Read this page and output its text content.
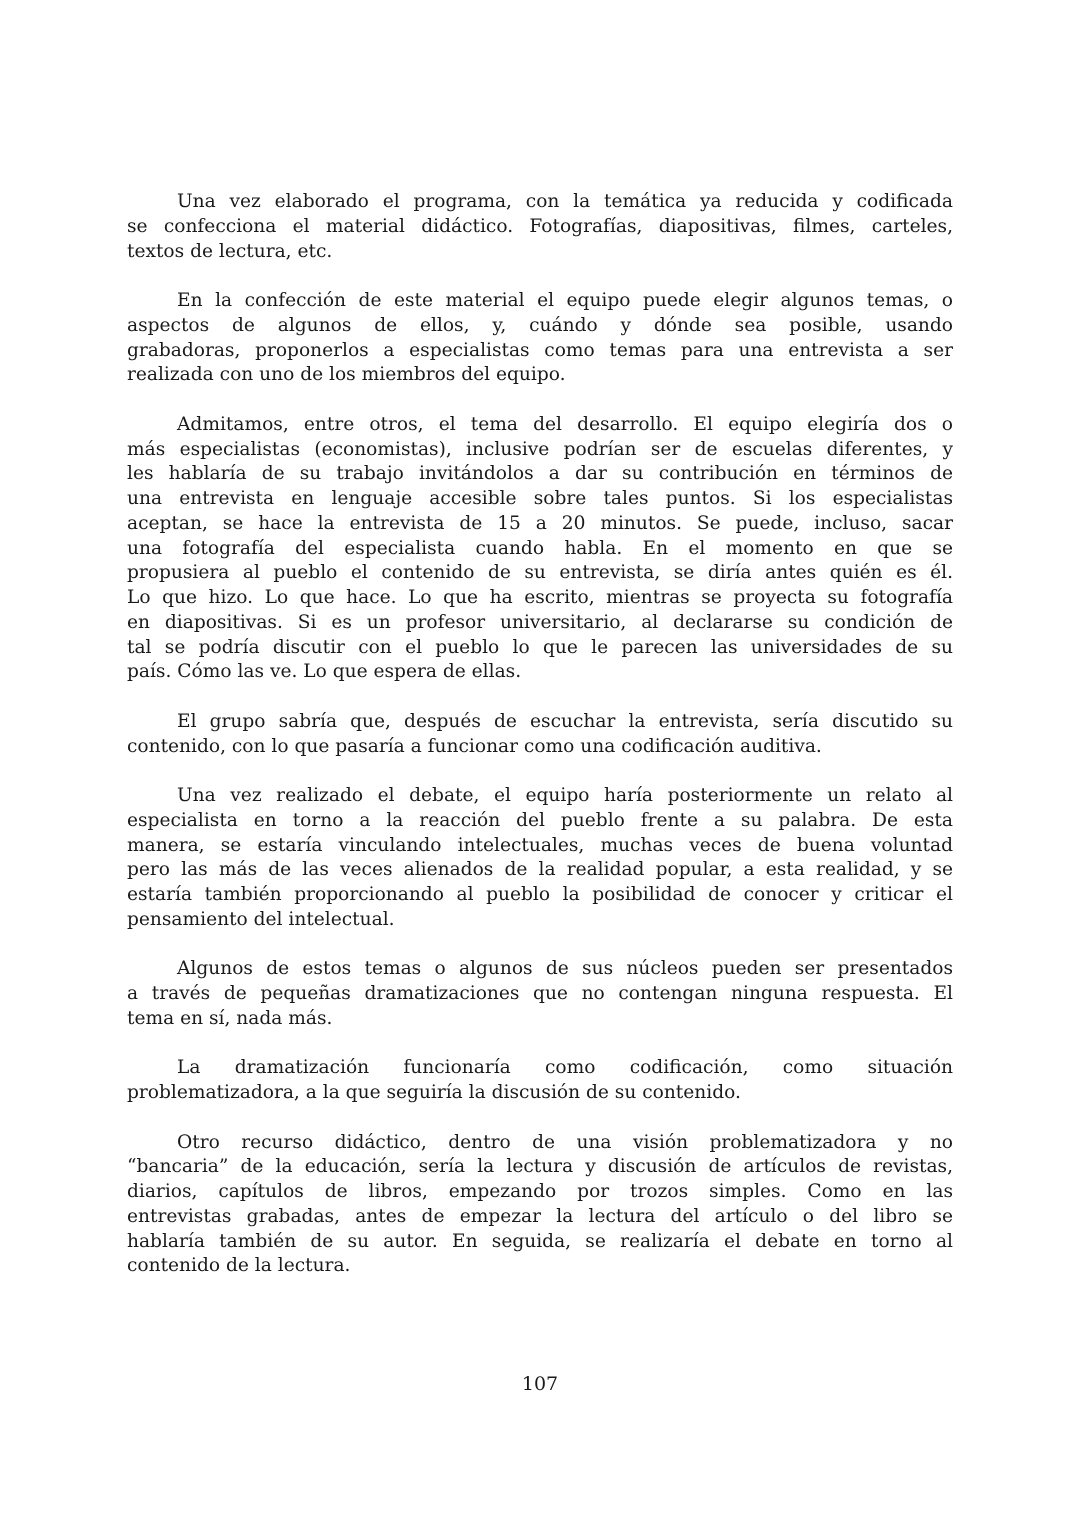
Una vez elaborado el programa, con la temática ya reducida y codificada
se confecciona el material didáctico. Fotografías, diapositivas, filmes, carteles,
textos de lectura, etc.
En la confección de este material el equipo puede elegir algunos temas, o
aspectos de algunos de ellos, y, cuándo y dónde sea posible, usando
grabadoras, proponerlos a especialistas como temas para una entrevista a ser
realizada con uno de los miembros del equipo.
Admitamos, entre otros, el tema del desarrollo. El equipo elegiría dos o
más especialistas (economistas), inclusive podrían ser de escuelas diferentes, y
les hablaría de su trabajo invitándolos a dar su contribución en términos de
una entrevista en lenguaje accesible sobre tales puntos. Si los especialistas
aceptan, se hace la entrevista de 15 a 20 minutos. Se puede, incluso, sacar
una fotografía del especialista cuando habla. En el momento en que se
propusiera al pueblo el contenido de su entrevista, se diría antes quién es él.
Lo que hizo. Lo que hace. Lo que ha escrito, mientras se proyecta su fotografía
en diapositivas. Si es un profesor universitario, al declararse su condición de
tal se podría discutir con el pueblo lo que le parecen las universidades de su
país. Cómo las ve. Lo que espera de ellas.
El grupo sabría que, después de escuchar la entrevista, sería discutido su
contenido, con lo que pasaría a funcionar como una codificación auditiva.
Una vez realizado el debate, el equipo haría posteriormente un relato al
especialista en torno a la reacción del pueblo frente a su palabra. De esta
manera, se estaría vinculando intelectuales, muchas veces de buena voluntad
pero las más de las veces alienados de la realidad popular, a esta realidad, y se
estaría también proporcionando al pueblo la posibilidad de conocer y criticar el
pensamiento del intelectual.
Algunos de estos temas o algunos de sus núcleos pueden ser presentados
a través de pequeñas dramatizaciones que no contengan ninguna respuesta. El
tema en sí, nada más.
La dramatización funcionaría como codificación, como situación
problematizadora, a la que seguiría la discusión de su contenido.
Otro recurso didáctico, dentro de una visión problematizadora y no
“bancaria” de la educación, sería la lectura y discusión de artículos de revistas,
diarios, capítulos de libros, empezando por trozos simples. Como en las
entrevistas grabadas, antes de empezar la lectura del artículo o del libro se
hablaría también de su autor. En seguida, se realizaría el debate en torno al
contenido de la lectura.
107
